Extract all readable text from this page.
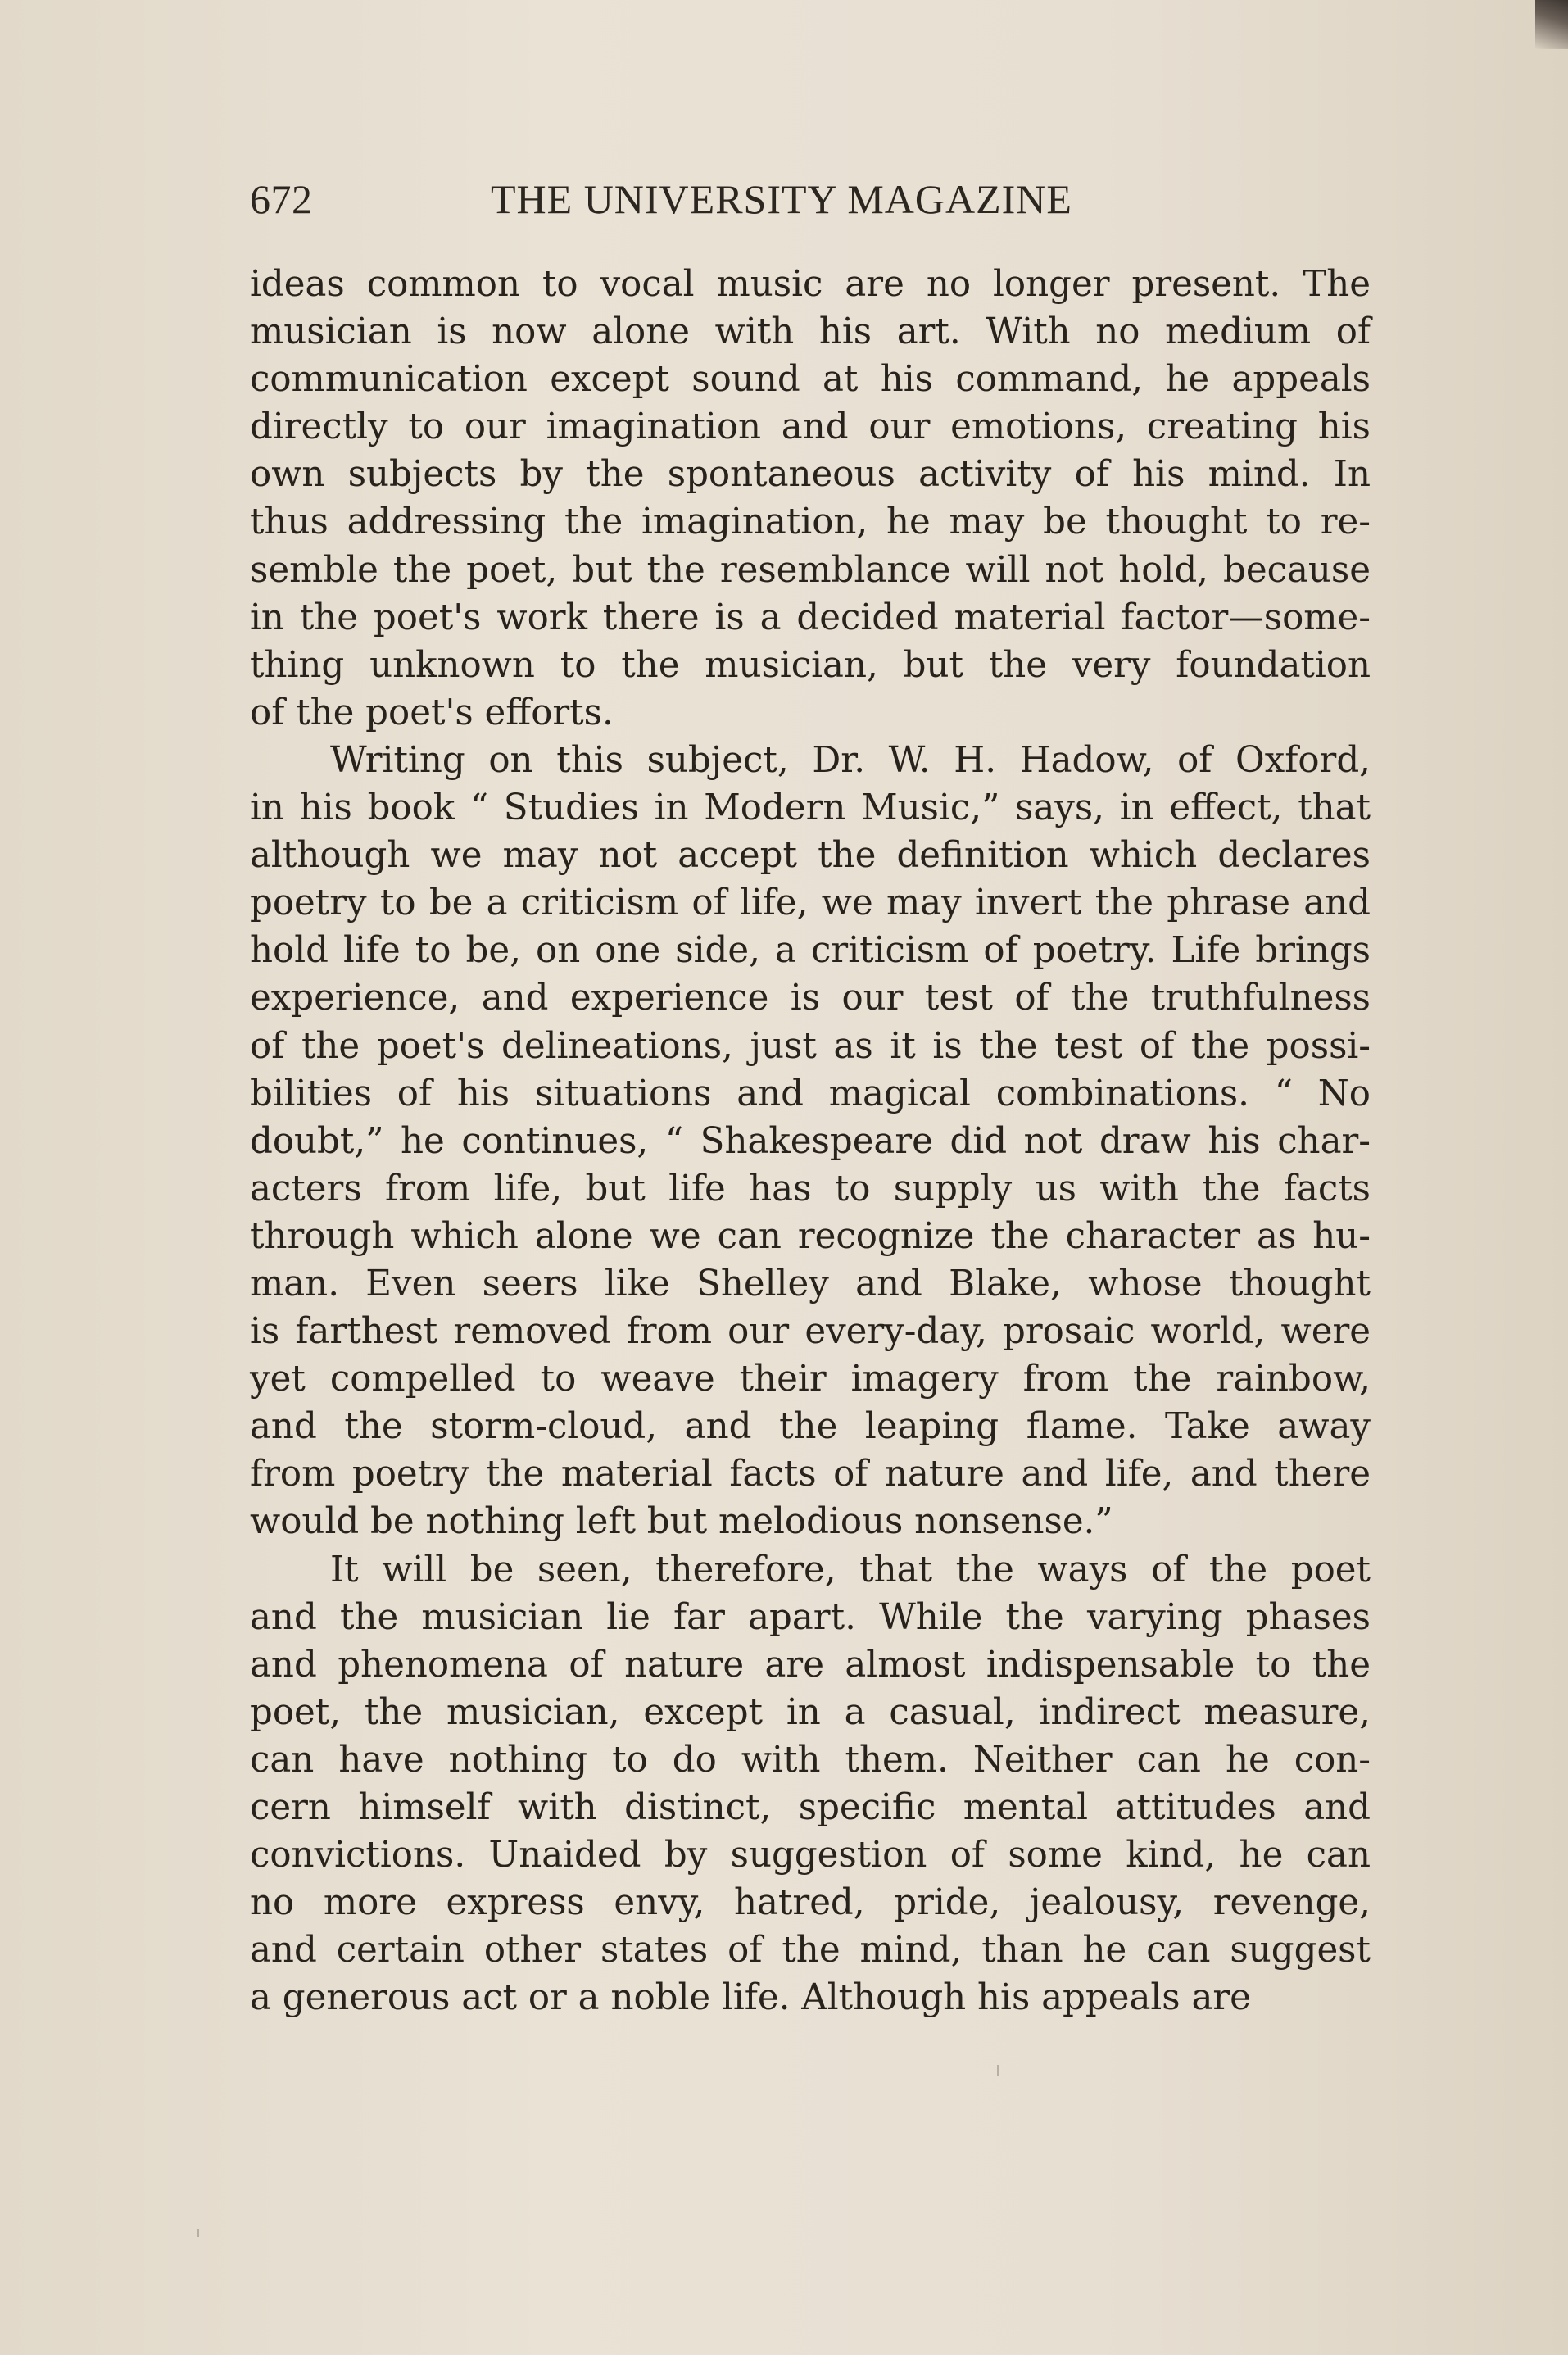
672	THE UNIVERSITY MAGAZINE
ideas common to vocal music are no longer present. The
musician is now alone with his art. With no medium of
communication except sound at his command, he appeals
directly to our imagination and our emotions, creating his
own subjects by the spontaneous activity of his mind. In
thus addressing the imagination, he may be thought to re-
semble the poet, but the resemblance will not hold, because
in the poet's work there is a decided material factor—some-
thing unknown to the musician, but the very foundation
of the poet's efforts.
Writing on this subject, Dr. W. H. Hadow, of Oxford,
in his book “ Studies in Modern Music,” says, in effect, that
although we may not accept the definition which declares
poetry to be a criticism of life, we may invert the phrase and
hold life to be, on one side, a criticism of poetry. Life brings
experience, and experience is our test of the truthfulness
of the poet's delineations, just as it is the test of the possi-
bilities of his situations and magical combinations. “ No
doubt,” he continues, “ Shakespeare did not draw his char-
acters from life, but life has to supply us with the facts
through which alone we can recognize the character as hu-
man. Even seers like Shelley and Blake, whose thought
is farthest removed from our every-day, prosaic world, were
yet compelled to weave their imagery from the rainbow,
and the storm-cloud, and the leaping flame. Take away
from poetry the material facts of nature and life, and there
would be nothing left but melodious nonsense.”
It will be seen, therefore, that the ways of the poet
and the musician lie far apart. While the varying phases
and phenomena of nature are almost indispensable to the
poet, the musician, except in a casual, indirect measure,
can have nothing to do with them. Neither can he con-
cern himself with distinct, specific mental attitudes and
convictions. Unaided by suggestion of some kind, he can
no more express envy, hatred, pride, jealousy, revenge,
and certain other states of the mind, than he can suggest
a generous act or a noble life. Although his appeals are
